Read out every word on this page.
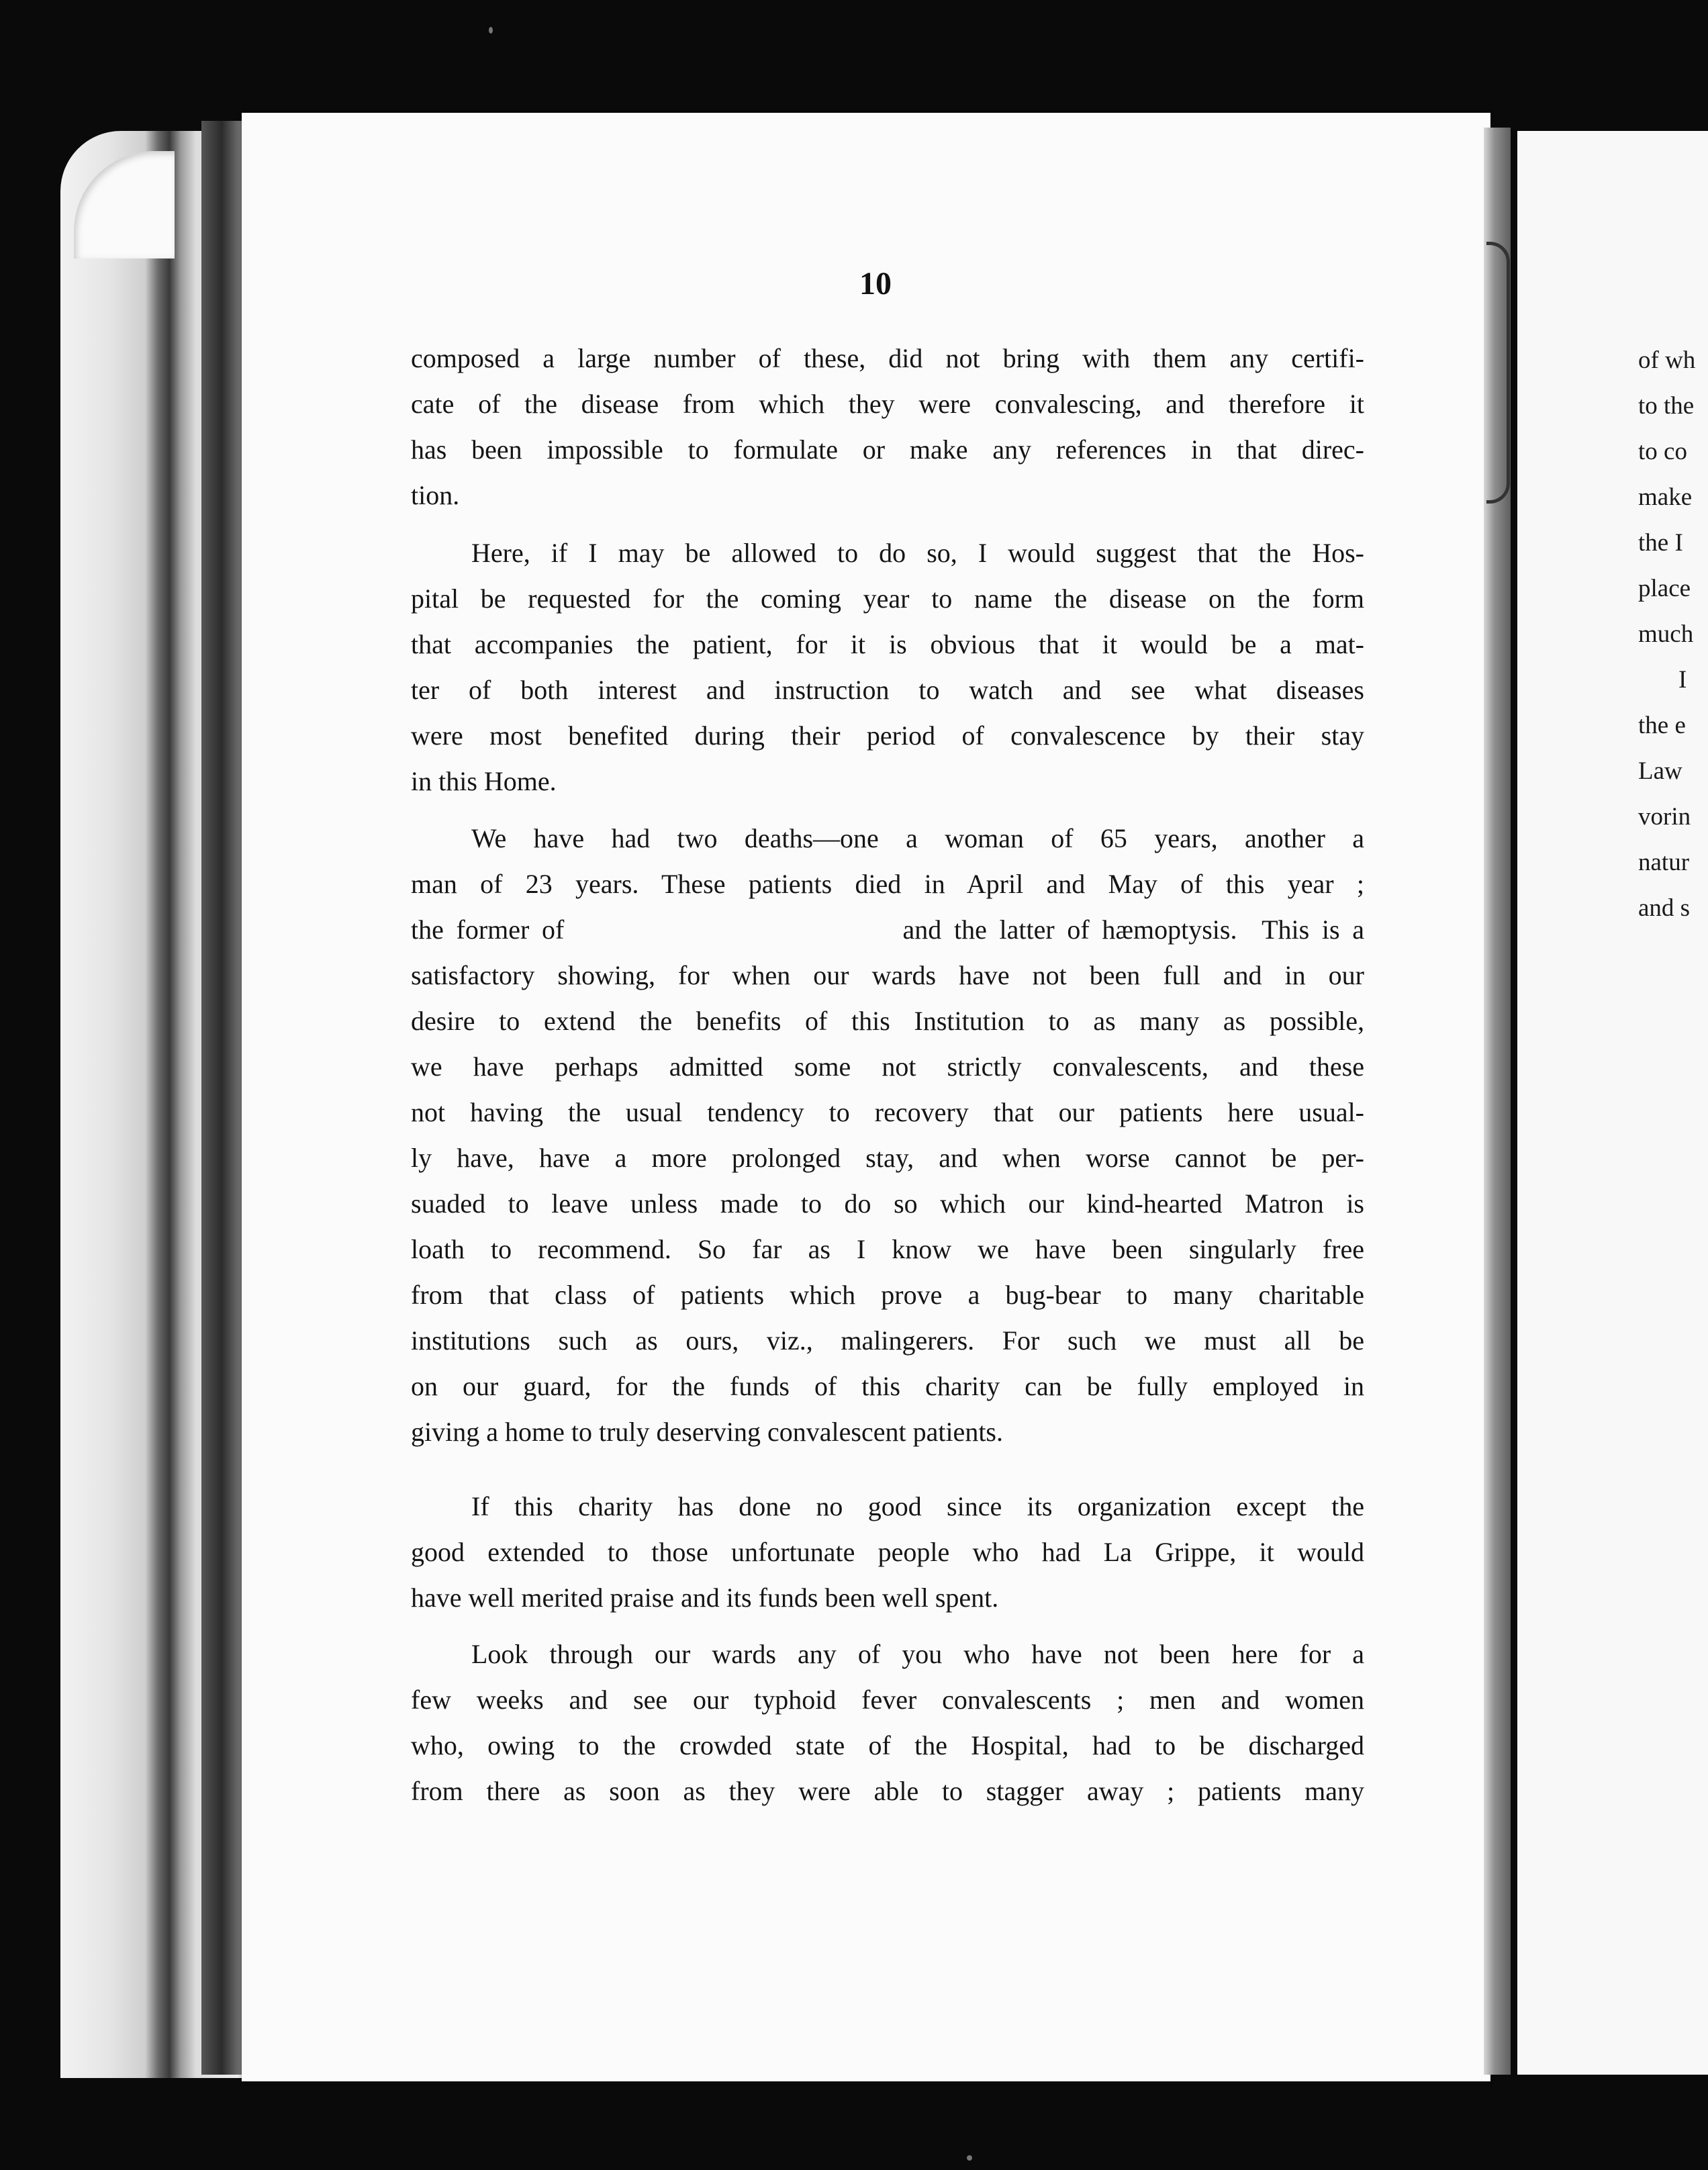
of wh
to the
to co
make
the I
place
much
I
the e
Law
vorin
natur
and s
10
composed a large number of these, did not bring with them any certifi-
cate of the disease from which they were convalescing, and therefore it
has been impossible to formulate or make any references in that direc-
tion.
Here, if I may be allowed to do so, I would suggest that the Hos-
pital be requested for the coming year to name the disease on the form
that accompanies the patient, for it is obvious that it would be a mat-
ter of both interest and instruction to watch and see what diseases
were most benefited during their period of convalescence by their stay
in this Home.
We have had two deaths—one a woman of 65 years, another a
man of 23 years. These patients died in April and May of this year ;
the former of                           and the latter of hæmoptysis.  This is a
satisfactory showing, for when our wards have not been full and in our
desire to extend the benefits of this Institution to as many as possible,
we have perhaps admitted some not strictly convalescents, and these
not having the usual tendency to recovery that our patients here usual-
ly have, have a more prolonged stay, and when worse cannot be per-
suaded to leave unless made to do so which our kind-hearted Matron is
loath to recommend. So far as I know we have been singularly free
from that class of patients which prove a bug-bear to many charitable
institutions such as ours, viz., malingerers. For such we must all be
on our guard, for the funds of this charity can be fully employed in
giving a home to truly deserving convalescent patients.
If this charity has done no good since its organization except the
good extended to those unfortunate people who had La Grippe, it would
have well merited praise and its funds been well spent.
Look through our wards any of you who have not been here for a
few weeks and see our typhoid fever convalescents ; men and women
who, owing to the crowded state of the Hospital, had to be discharged
from there as soon as they were able to stagger away ; patients many
